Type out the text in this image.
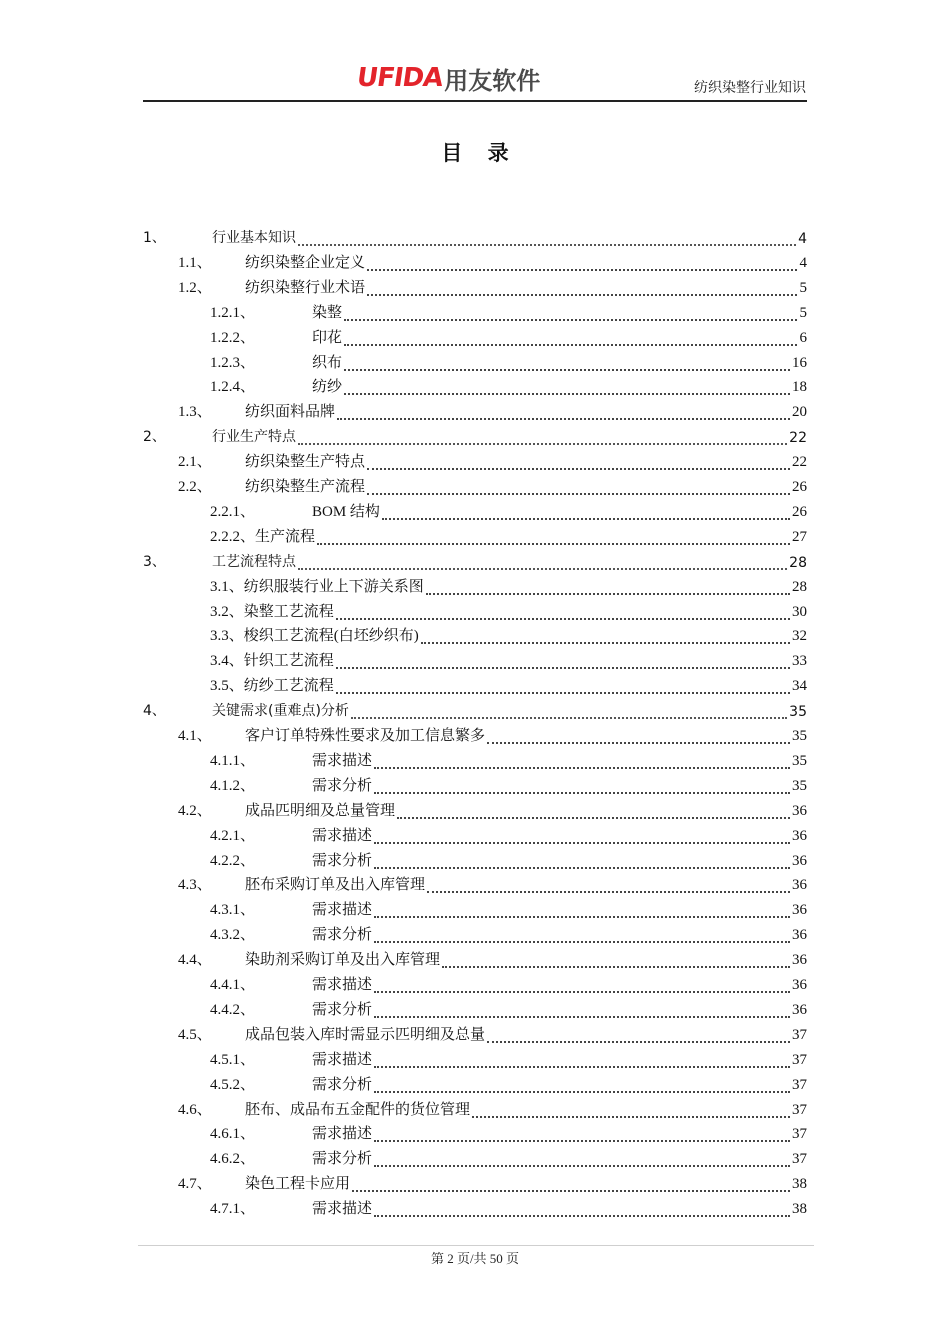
UFIDA 用友软件	纺织染整行业知识
目 录
1、	行业基本知识	4
1.1、 纺织染整企业定义	4
1.2、 纺织染整行业术语	5
1.2.1、	染整	5
1.2.2、	印花	6
1.2.3、	织布	16
1.2.4、	纺纱	18
1.3、 纺织面料品牌	20
2、	行业生产特点	22
2.1、 纺织染整生产特点	22
2.2、 纺织染整生产流程	26
2.2.1、	BOM 结构	26
2.2.2、生产流程	27
3、	工艺流程特点	28
3.1、纺织服装行业上下游关系图	28
3.2、染整工艺流程	30
3.3、梭织工艺流程(白坯纱织布)	32
3.4、针织工艺流程	33
3.5、纺纱工艺流程	34
4、	关键需求(重难点)分析	35
4.1、 客户订单特殊性要求及加工信息繁多	35
4.1.1、	需求描述	35
4.1.2、	需求分析	35
4.2、 成品匹明细及总量管理	36
4.2.1、	需求描述	36
4.2.2、	需求分析	36
4.3、 胚布采购订单及出入库管理	36
4.3.1、	需求描述	36
4.3.2、	需求分析	36
4.4、 染助剂采购订单及出入库管理	36
4.4.1、	需求描述	36
4.4.2、	需求分析	36
4.5、 成品包装入库时需显示匹明细及总量	37
4.5.1、	需求描述	37
4.5.2、	需求分析	37
4.6、 胚布、成品布五金配件的货位管理	37
4.6.1、	需求描述	37
4.6.2、	需求分析	37
4.7、 染色工程卡应用	38
4.7.1、	需求描述	38
第 2 页/共 50 页
